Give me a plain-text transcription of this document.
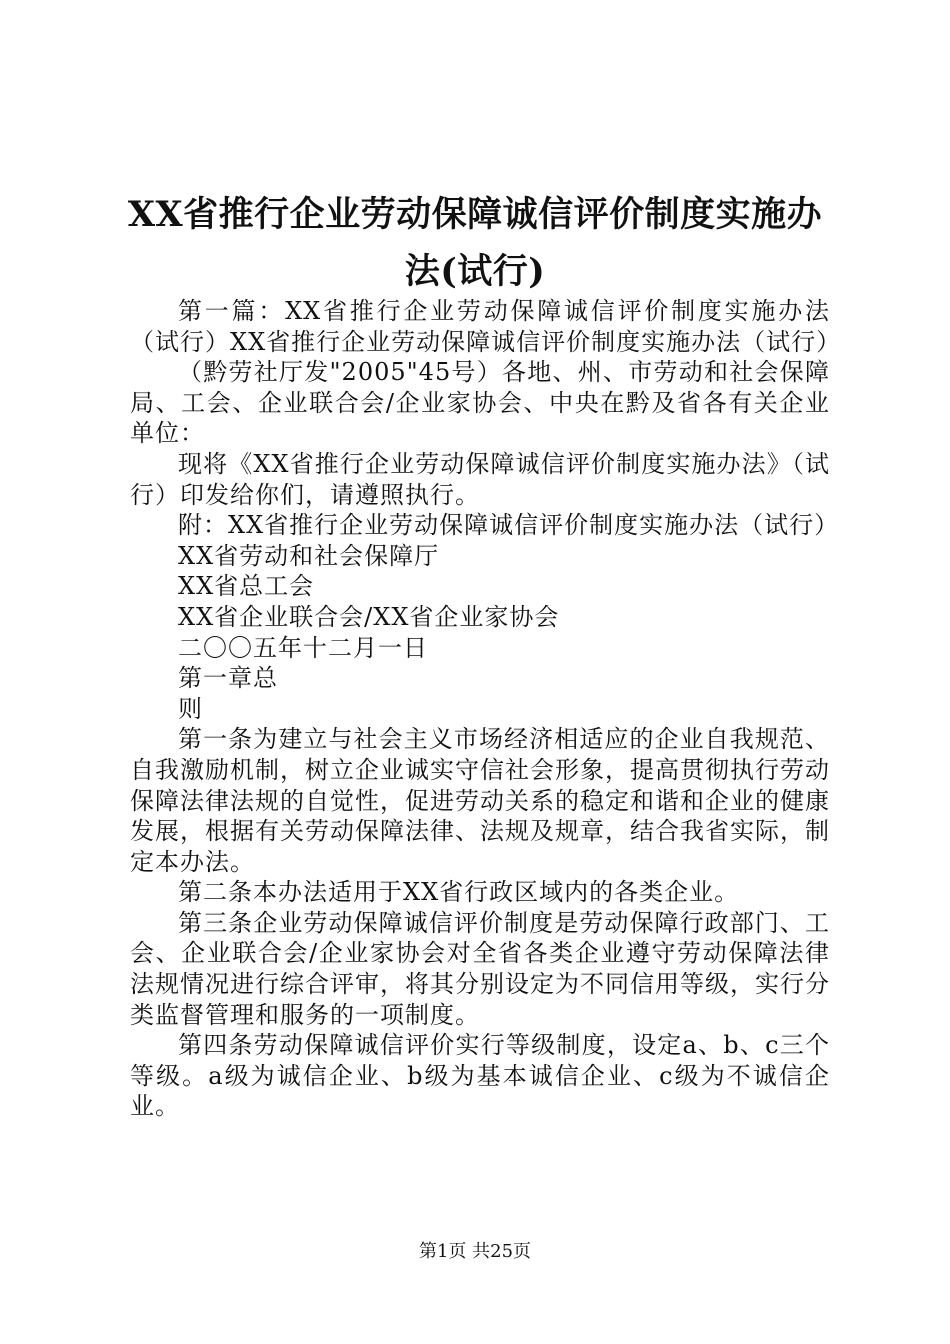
XX省推行企业劳动保障诚信评价制度实施办法(试行)

第一篇：XX省推行企业劳动保障诚信评价制度实施办法（试行）XX省推行企业劳动保障诚信评价制度实施办法（试行）

（黔劳社厅发"2005"45号）各地、州、市劳动和社会保障局、工会、企业联合会/企业家协会、中央在黔及省各有关企业单位：

现将《XX省推行企业劳动保障诚信评价制度实施办法》（试行）印发给你们，请遵照执行。

附：XX省推行企业劳动保障诚信评价制度实施办法（试行）

XX省劳动和社会保障厅

XX省总工会

XX省企业联合会/XX省企业家协会

二〇〇五年十二月一日

第一章总

则

第一条为建立与社会主义市场经济相适应的企业自我规范、自我激励机制，树立企业诚实守信社会形象，提高贯彻执行劳动保障法律法规的自觉性，促进劳动关系的稳定和谐和企业的健康发展，根据有关劳动保障法律、法规及规章，结合我省实际，制定本办法。

第二条本办法适用于XX省行政区域内的各类企业。

第三条企业劳动保障诚信评价制度是劳动保障行政部门、工会、企业联合会/企业家协会对全省各类企业遵守劳动保障法律法规情况进行综合评审，将其分别设定为不同信用等级，实行分类监督管理和服务的一项制度。

第四条劳动保障诚信评价实行等级制度，设定a、b、c三个等级。a级为诚信企业、b级为基本诚信企业、c级为不诚信企业。

第1页 共25页
